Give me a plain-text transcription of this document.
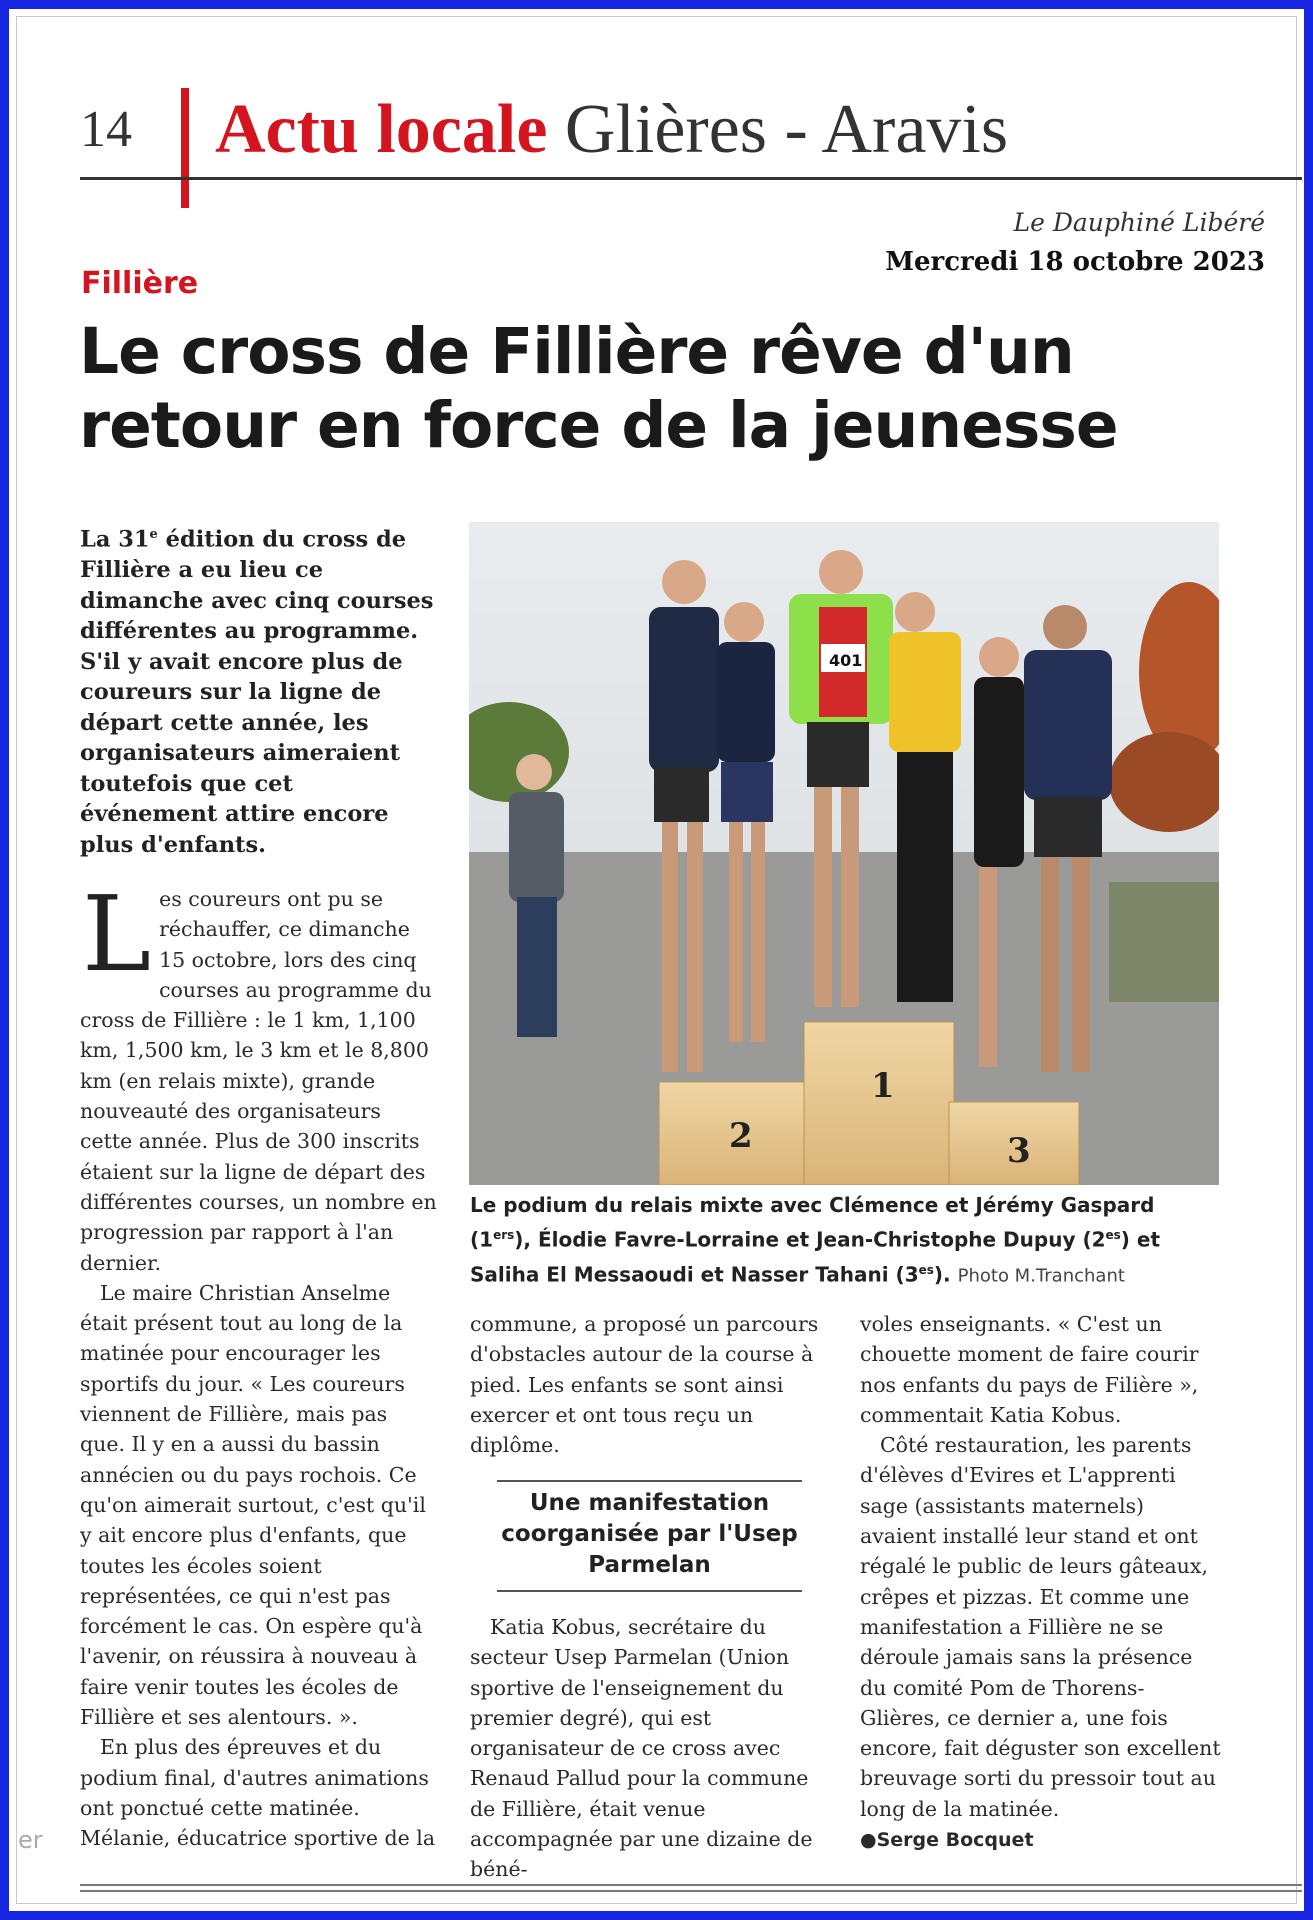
14 Actu locale Glières - Aravis
Le Dauphiné Libéré
Mercredi 18 octobre 2023
Fillière
Le cross de Fillière rêve d'un retour en force de la jeunesse
La 31e édition du cross de Fillière a eu lieu ce dimanche avec cinq courses différentes au programme. S'il y avait encore plus de coureurs sur la ligne de départ cette année, les organisateurs aimeraient toutefois que cet événement attire encore plus d'enfants.
2
1
3
401
Le podium du relais mixte avec Clémence et Jérémy Gaspard (1ers), Élodie Favre-Lorraine et Jean-Christophe Dupuy $(2^{es})$ et Saliha El Messaoudi et Nasser Tahani $(3^{es})$. Photo M.Tranchant

Les coureurs ont pu se réchauffer, ce dimanche 15 octobre, lors des cinq courses au programme du cross de Fillière : le 1 km, 1,100 km, 1,500 km, le 3 km et le 8,800 km (en relais mixte), grande nouveauté des organisateurs cette année. Plus de 300 inscrits étaient sur la ligne de départ des différentes courses, un nombre en progression par rapport à l'an dernier.

Le maire Christian Anselme était présent tout au long de la matinée pour encourager les sportifs du jour. « Les coureurs viennent de Fillière, mais pas que. Il y en a aussi du bassin annécien ou du pays rochois. Ce qu'on aimerait surtout, c'est qu'il y ait encore plus d'enfants, que toutes les écoles soient représentées, ce qui n'est pas forcément le cas. On espère qu'à l'avenir, on réussira à nouveau à faire venir toutes les écoles de Fillière et ses alentours. ».

En plus des épreuves et du podium final, d'autres animations ont ponctué cette matinée. Mélanie, éducatrice sportive de la

commune, a proposé un parcours d'obstacles autour de la course à pied. Les enfants se sont ainsi exercer et ont tous reçu un diplôme.

Une manifestation coorganisée par l'Usep Parmelan

Katia Kobus, secrétaire du secteur Usep Parmelan (Union sportive de l'enseignement du premier degré), qui est organisateur de ce cross avec Renaud Pallud pour la commune de Fillière, était venue accompagnée par une dizaine de béné-

voles enseignants. « C'est un chouette moment de faire courir nos enfants du pays de Filière », commentait Katia Kobus.

Côté restauration, les parents d'élèves d'Evires et L'apprenti sage (assistants maternels) avaient installé leur stand et ont régalé le public de leurs gâteaux, crêpes et pizzas. Et comme une manifestation a Fillière ne se déroule jamais sans la présence du comité Pom de Thorens-Glières, ce dernier a, une fois encore, fait déguster son excellent breuvage sorti du pressoir tout au long de la matinée.

●Serge Bocquet

er
